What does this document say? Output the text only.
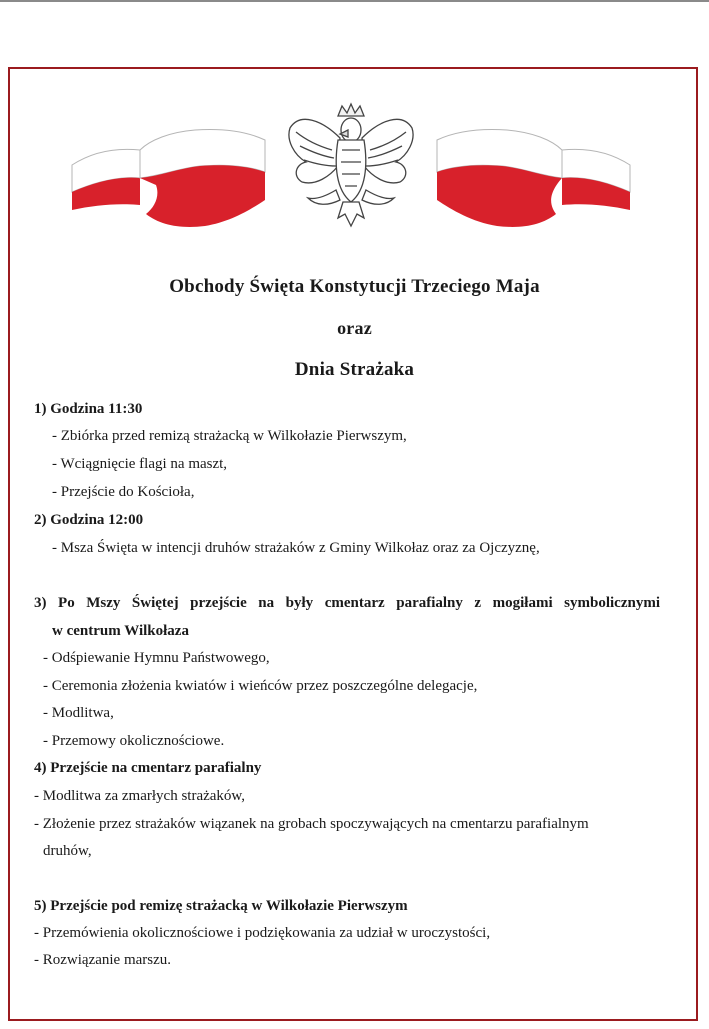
Obchody Święta Konstytucji Trzeciego Maja
oraz
Dnia Strażaka
1) Godzina 11:30
- Zbiórka przed remizą strażacką w Wilkołazie Pierwszym,
- Wciągnięcie flagi na maszt,
- Przejście do Kościoła,
2) Godzina 12:00
- Msza Święta w intencji druhów strażaków z Gminy Wilkołaz oraz za Ojczyznę,
3) Po Mszy Świętej przejście na były cmentarz parafialny z mogiłami symbolicznymi
w centrum Wilkołaza
- Odśpiewanie Hymnu Państwowego,
- Ceremonia złożenia kwiatów i wieńców przez poszczególne delegacje,
- Modlitwa,
- Przemowy okolicznościowe.
4) Przejście na cmentarz parafialny
- Modlitwa za zmarłych strażaków,
- Złożenie przez strażaków wiązanek na grobach spoczywających na cmentarzu parafialnym
druhów,
5) Przejście pod remizę strażacką w Wilkołazie Pierwszym
- Przemówienia okolicznościowe i podziękowania za udział w uroczystości,
- Rozwiązanie marszu.
